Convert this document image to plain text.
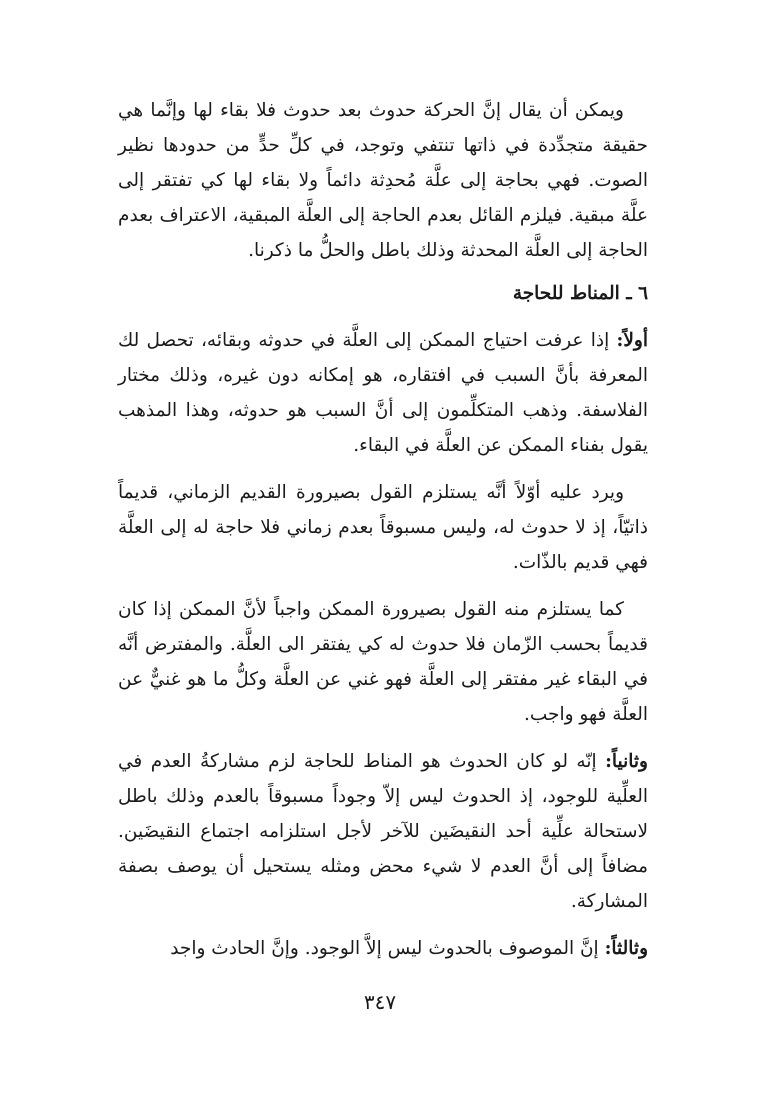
ويمكن أن يقال إنَّ الحركة حدوث بعد حدوث فلا بقاء لها وإنَّما هي حقيقة متجدِّدة في ذاتها تنتفي وتوجد، في كلِّ حدٍّ من حدودها نظير الصوت. فهي بحاجة إلى علَّة مُحدِثة دائماً ولا بقاء لها كي تفتقر إلى علَّة مبقية. فيلزم القائل بعدم الحاجة إلى العلَّة المبقية، الاعتراف بعدم الحاجة إلى العلَّة المحدثة وذلك باطل والحلُّ ما ذكرنا.

٦ ـ المناط للحاجة

أولاً: إذا عرفت احتياج الممكن إلى العلَّة في حدوثه وبقائه، تحصل لك المعرفة بأنَّ السبب في افتقاره، هو إمكانه دون غيره، وذلك مختار الفلاسفة. وذهب المتكلِّمون إلى أنَّ السبب هو حدوثه، وهذا المذهب يقول بفناء الممكن عن العلَّة في البقاء.

ويرد عليه أوّلاً أنَّه يستلزم القول بصيرورة القديم الزماني، قديماً ذاتيّاً، إذ لا حدوث له، وليس مسبوقاً بعدم زماني فلا حاجة له إلى العلَّة فهي قديم بالذّات.

كما يستلزم منه القول بصيرورة الممكن واجباً لأنَّ الممكن إذا كان قديماً بحسب الزّمان فلا حدوث له كي يفتقر الى العلَّة. والمفترض أنَّه في البقاء غير مفتقر إلى العلَّة فهو غني عن العلَّة وكلُّ ما هو غنيٌّ عن العلَّة فهو واجب.

وثانياً: إنّه لو كان الحدوث هو المناط للحاجة لزم مشاركةُ العدم في العلِّية للوجود، إذ الحدوث ليس إلاّ وجوداً مسبوقاً بالعدم وذلك باطل لاستحالة علِّية أحد النقيضَين للآخر لأجل استلزامه اجتماع النقيضَين. مضافاً إلى أنَّ العدم لا شيء محض ومثله يستحيل أن يوصف بصفة المشاركة.

وثالثاً: إنَّ الموصوف بالحدوث ليس إلاَّ الوجود. وإنَّ الحادث واجد

٣٤٧
